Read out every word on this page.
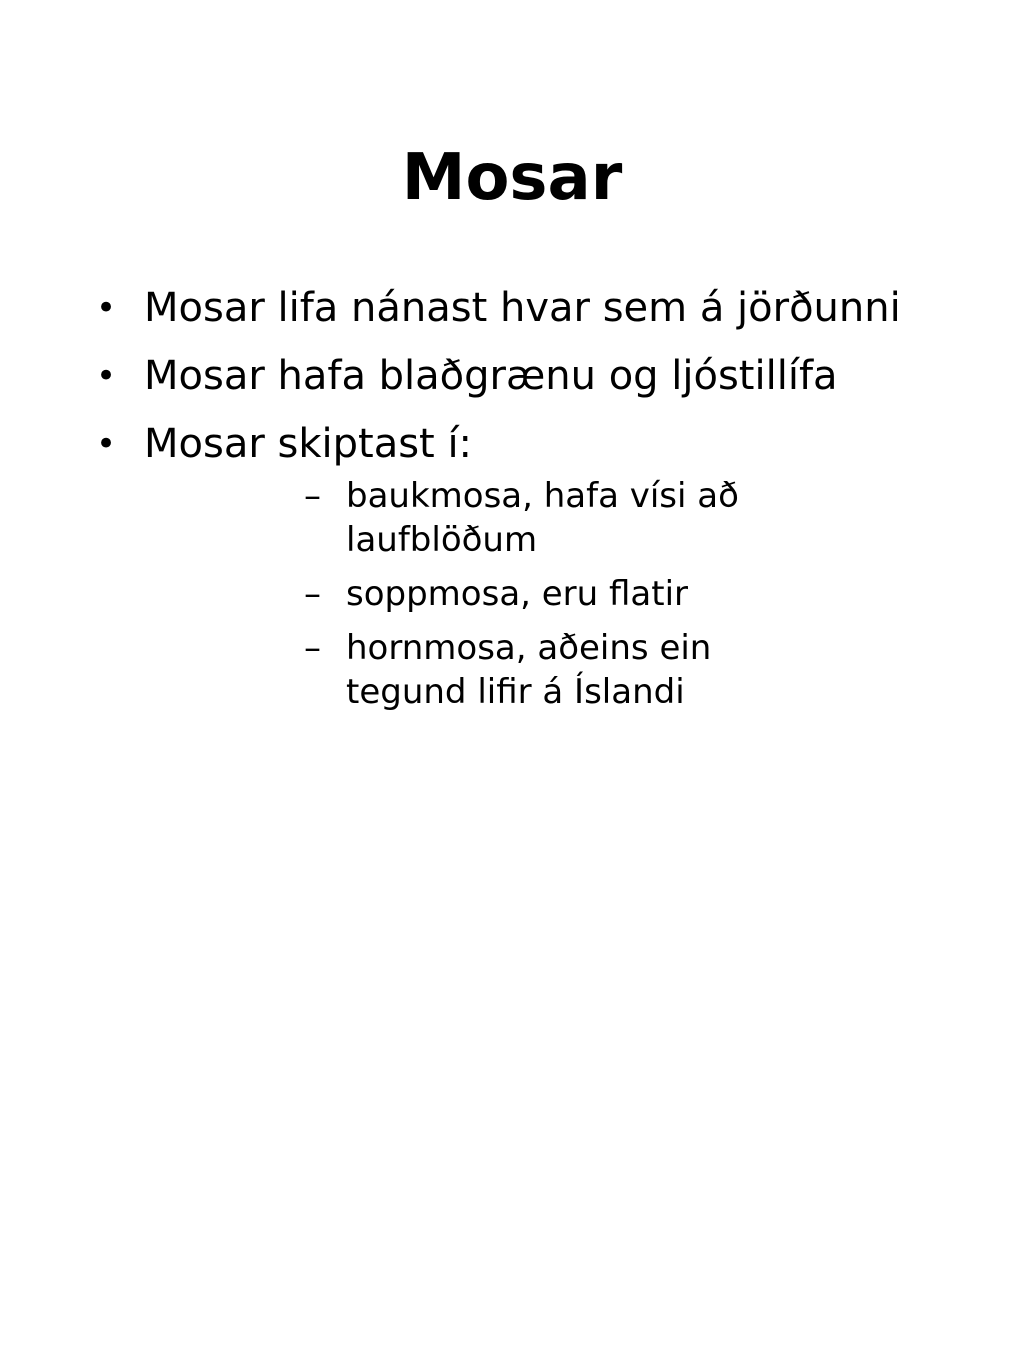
Mosar
• Mosar lifa nánast hvar sem á jörðunni
• Mosar hafa blaðgrænu og ljóstillífa
• Mosar skiptast í:
– baukmosa, hafa vísi að laufblöðum
– soppmosa, eru flatir
– hornmosa, aðeins ein tegund lifir á Íslandi
